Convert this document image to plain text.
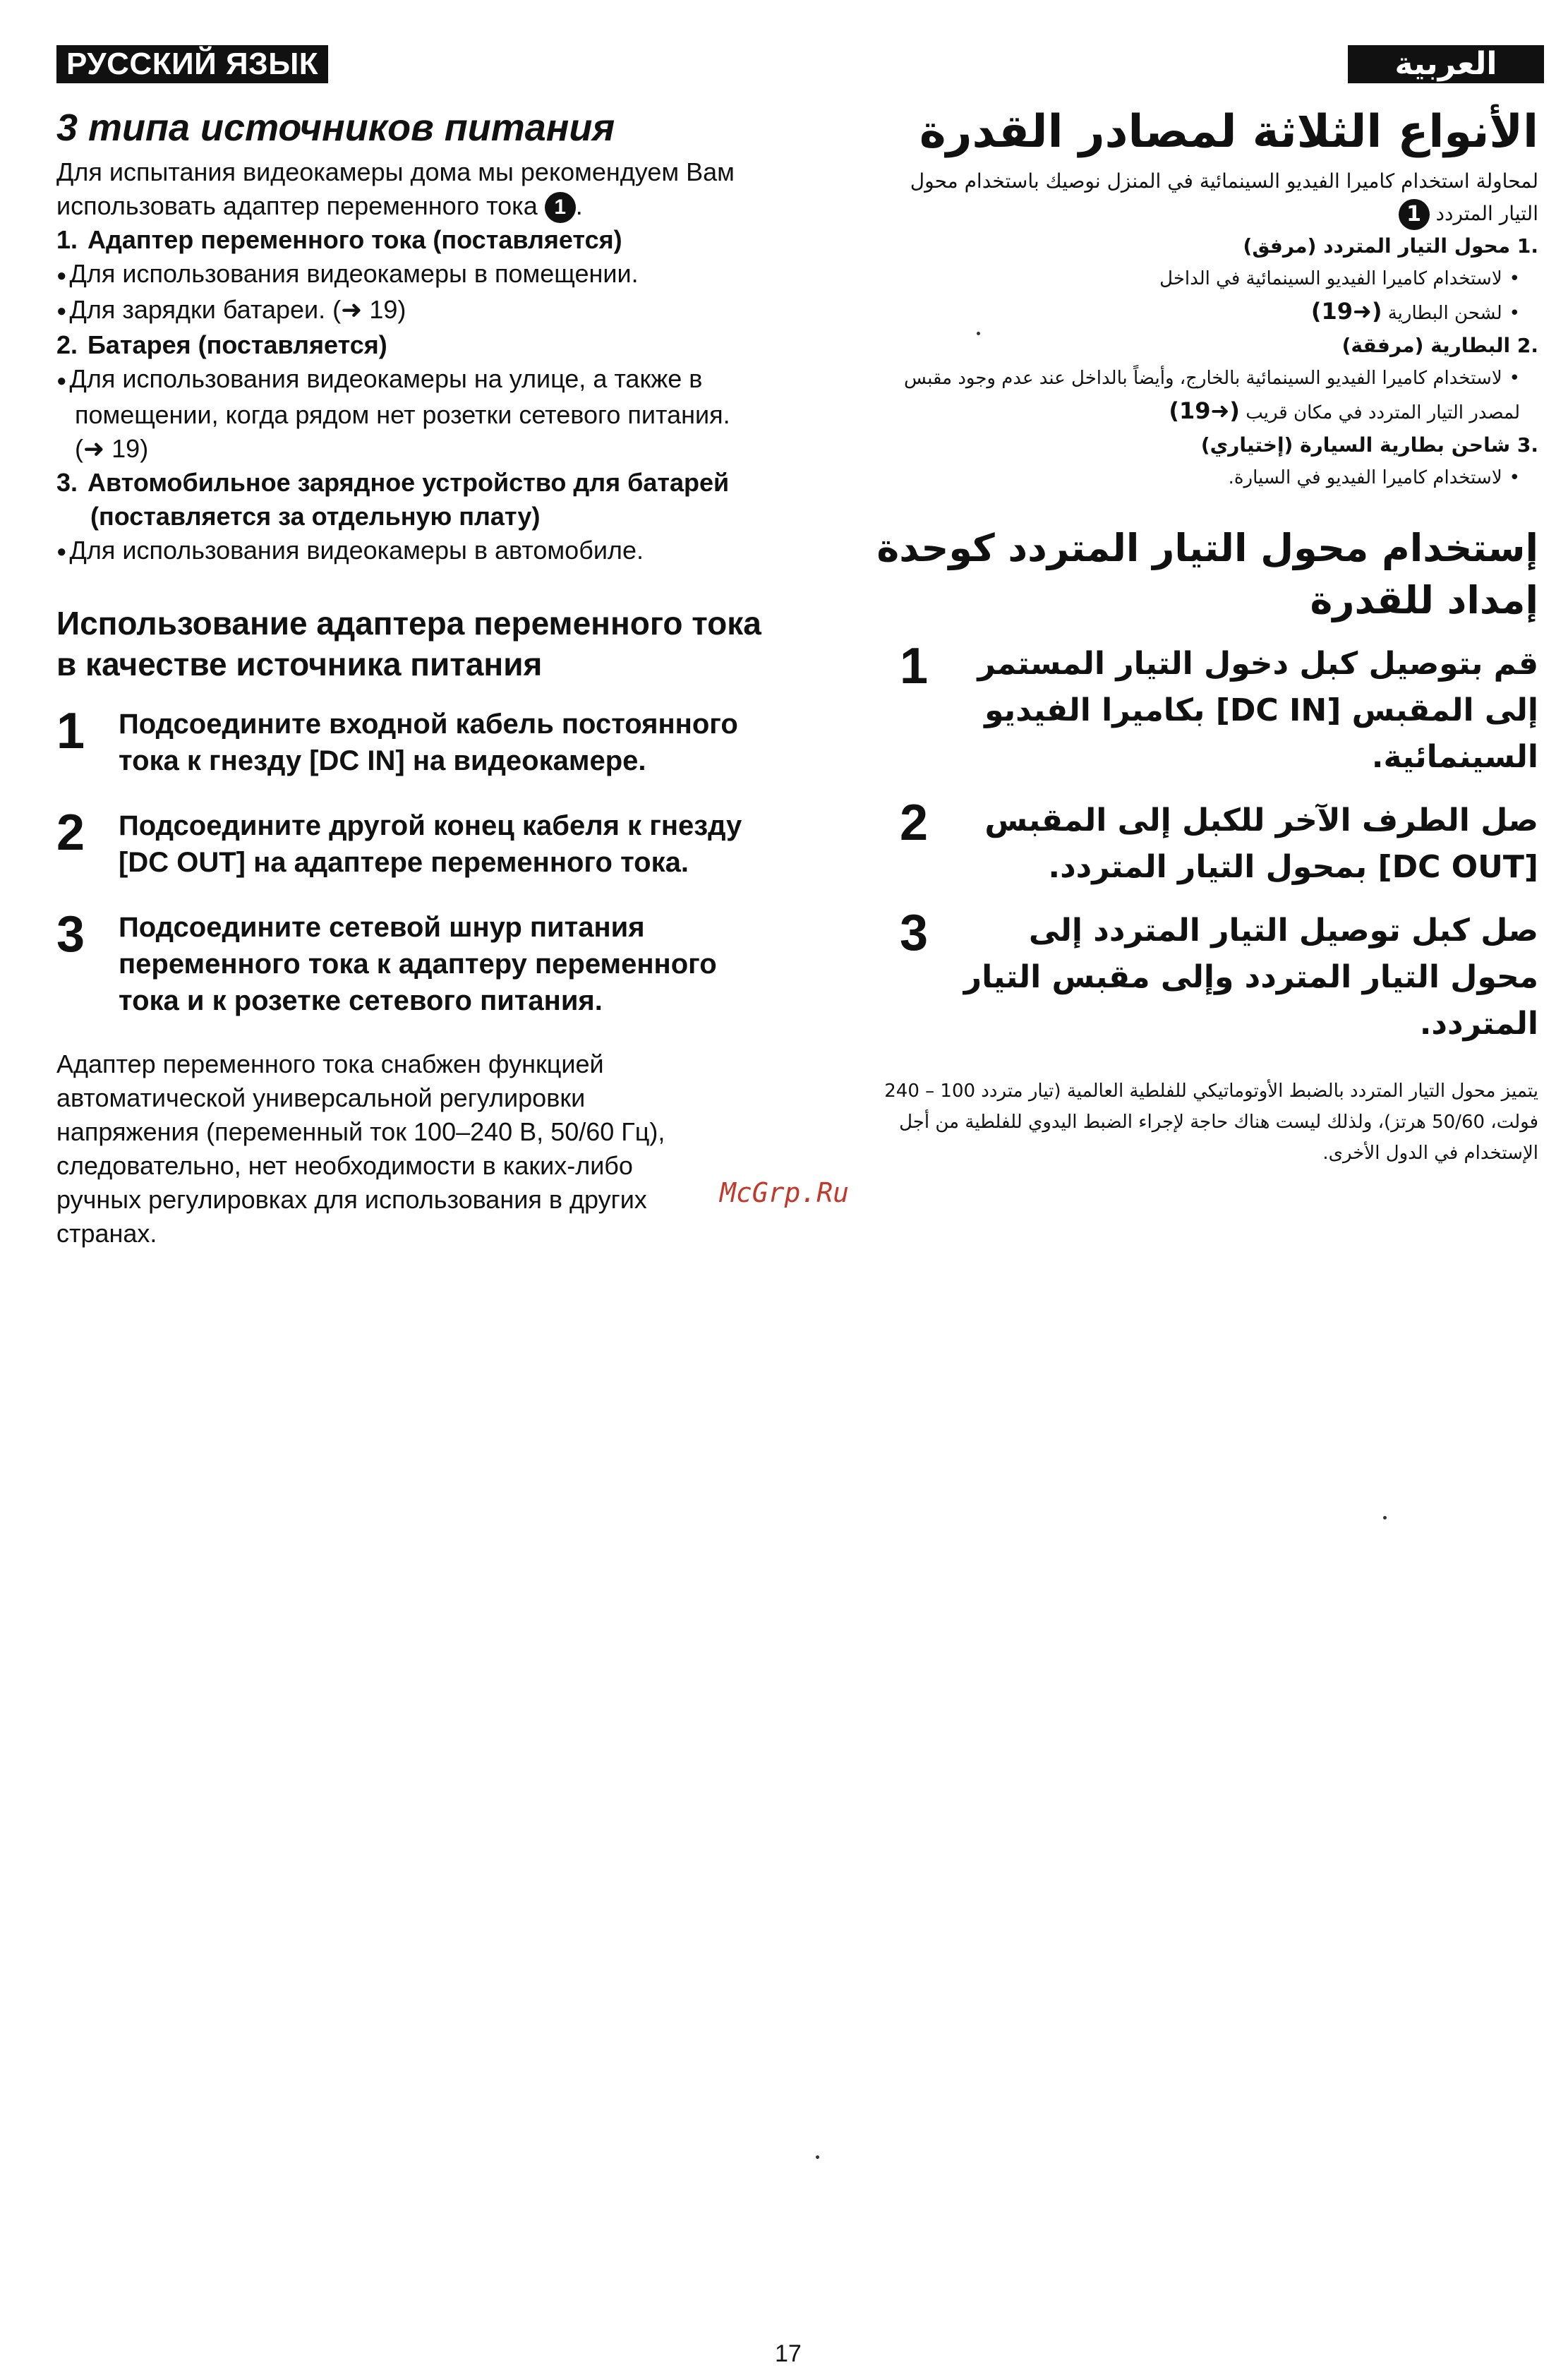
РУССКИЙ ЯЗЫК	العربية
3 типа источников питания

Для испытания видеокамеры дома мы рекомендуем Вам использовать адаптер переменного тока 1 .

1. Адаптер переменного тока (поставляется)
● Для использования видеокамеры в помещении.
● Для зарядки батареи. (➜ 19)
2. Батарея (поставляется)
● Для использования видеокамеры на улице, а также в помещении, когда рядом нет розетки сетевого питания. (➜ 19)
3. Автомобильное зарядное устройство для батарей (поставляется за отдельную плату)
● Для использования видеокамеры в автомобиле.
Использование адаптера переменного тока в качестве источника питания
1	Подсоедините входной кабель постоянного тока к гнезду [DC IN] на видеокамере.
2	Подсоедините другой конец кабеля к гнезду [DC OUT] на адаптере переменного тока.
3	Подсоедините сетевой шнур питания переменного тока к адаптеру переменного тока и к розетке сетевого питания.

Адаптер переменного тока снабжен функцией автоматической универсальной регулировки напряжения (переменный ток 100–240 В, 50/60 Гц), следовательно, нет необходимости в каких-либо ручных регулировках для использования в других странах.

الأنواع الثلاثة لمصادر القدرة

لمحاولة استخدام كاميرا الفيديو السينمائية في المنزل نوصيك باستخدام محول التيار المتردد 1

.1 محول التيار المتردد (مرفق)
• لاستخدام كاميرا الفيديو السينمائية في الداخل
• لشحن البطارية (➜19)
.2 البطارية (مرفقة)
• لاستخدام كاميرا الفيديو السينمائية بالخارج، وأيضاً بالداخل عند عدم وجود مقبس لمصدر التيار المتردد في مكان قريب (➜19)
.3 شاحن بطارية السيارة (إختياري)
• لاستخدام كاميرا الفيديو في السيارة.
إستخدام محول التيار المتردد كوحدة إمداد للقدرة
قم بتوصيل كبل دخول التيار المستمر إلى المقبس [DC IN] بكاميرا الفيديو السينمائية.
1
صل الطرف الآخر للكبل إلى المقبس [DC OUT] بمحول التيار المتردد.
2
صل كبل توصيل التيار المتردد إلى محول التيار المتردد وإلى مقبس التيار المتردد.
3

يتميز محول التيار المتردد بالضبط الأوتوماتيكي للفلطية العالمية (تيار متردد 100 – 240 فولت، 50/60 هرتز)، ولذلك ليست هناك حاجة لإجراء الضبط اليدوي للفلطية من أجل الإستخدام في الدول الأخرى.

McGrp.Ru
17
